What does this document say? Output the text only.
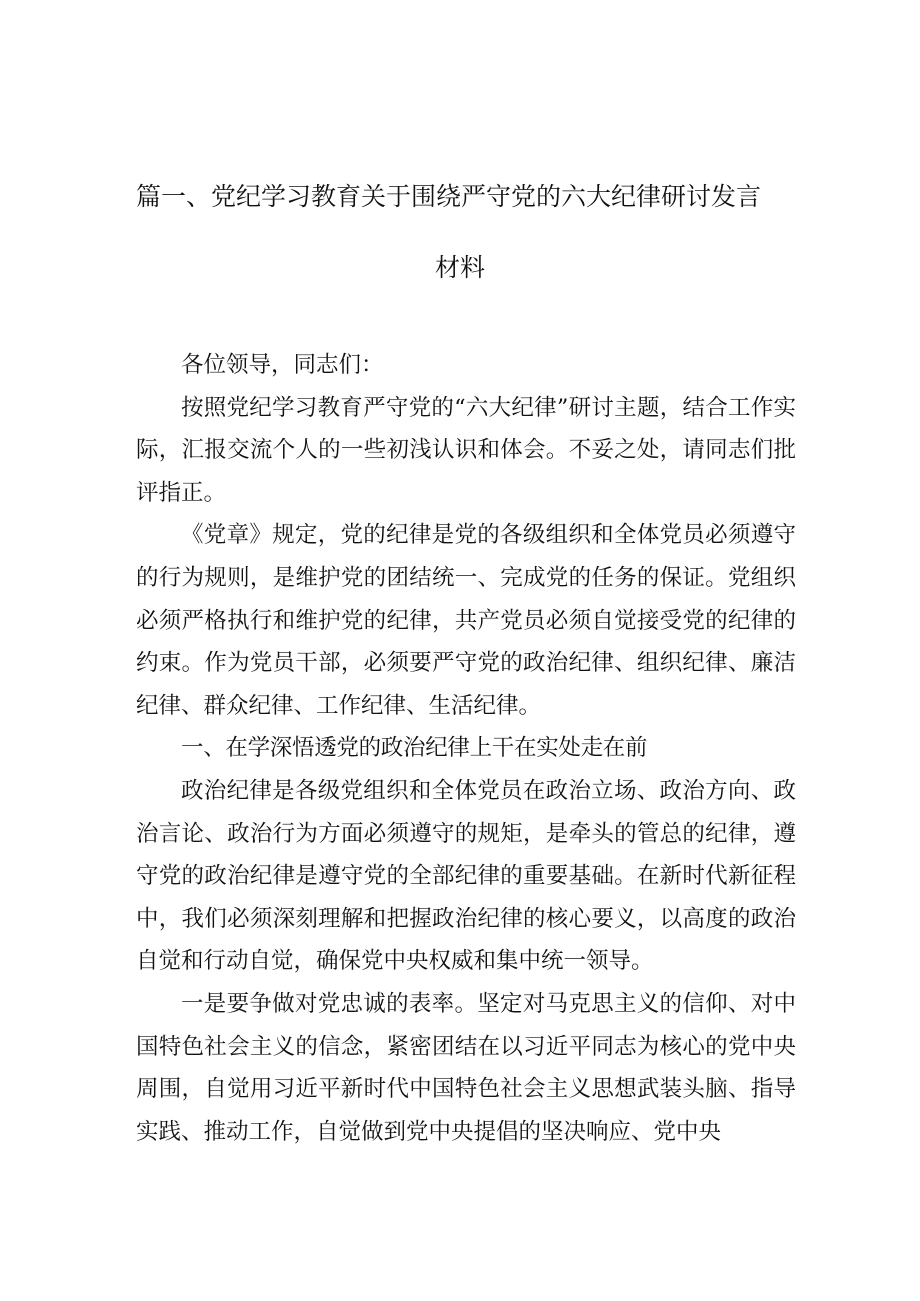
篇一、党纪学习教育关于围绕严守党的六大纪律研讨发言
材料

各位领导，同志们：

按照党纪学习教育严守党的“六大纪律”研讨主题，结合工作实际，汇报交流个人的一些初浅认识和体会。不妥之处，请同志们批评指正。

《党章》规定，党的纪律是党的各级组织和全体党员必须遵守的行为规则，是维护党的团结统一、完成党的任务的保证。党组织必须严格执行和维护党的纪律，共产党员必须自觉接受党的纪律的约束。作为党员干部，必须要严守党的政治纪律、组织纪律、廉洁纪律、群众纪律、工作纪律、生活纪律。

一、在学深悟透党的政治纪律上干在实处走在前

政治纪律是各级党组织和全体党员在政治立场、政治方向、政治言论、政治行为方面必须遵守的规矩，是牵头的管总的纪律，遵守党的政治纪律是遵守党的全部纪律的重要基础。在新时代新征程中，我们必须深刻理解和把握政治纪律的核心要义，以高度的政治自觉和行动自觉，确保党中央权威和集中统一领导。

一是要争做对党忠诚的表率。坚定对马克思主义的信仰、对中国特色社会主义的信念，紧密团结在以习近平同志为核心的党中央周围，自觉用习近平新时代中国特色社会主义思想武装头脑、指导实践、推动工作，自觉做到党中央提倡的坚决响应、党中央
